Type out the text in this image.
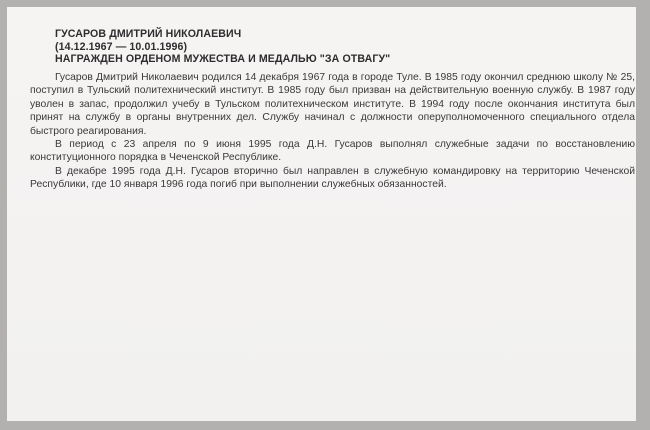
ГУСАРОВ ДМИТРИЙ НИКОЛАЕВИЧ
(14.12.1967 — 10.01.1996)
НАГРАЖДЕН ОРДЕНОМ МУЖЕСТВА И МЕДАЛЬЮ "ЗА ОТВАГУ"

Гусаров Дмитрий Николаевич родился 14 декабря 1967 года в городе Туле. В 1985 году окончил среднюю школу № 25, поступил в Тульский политехнический институт. В 1985 году был призван на действительную военную службу. В 1987 году уволен в запас, продолжил учебу в Тульском политехническом институте. В 1994 году после окончания института был принят на службу в органы внутренних дел. Службу начинал с должности оперуполномоченного специального отдела быстрого реагирования.

В период с 23 апреля по 9 июня 1995 года Д.Н. Гусаров выполнял служебные задачи по восстановлению конституционного порядка в Чеченской Республике.

В декабре 1995 года Д.Н. Гусаров вторично был направлен в служебную командировку на территорию Чеченской Республики, где 10 января 1996 года погиб при выполнении служебных обязанностей.
